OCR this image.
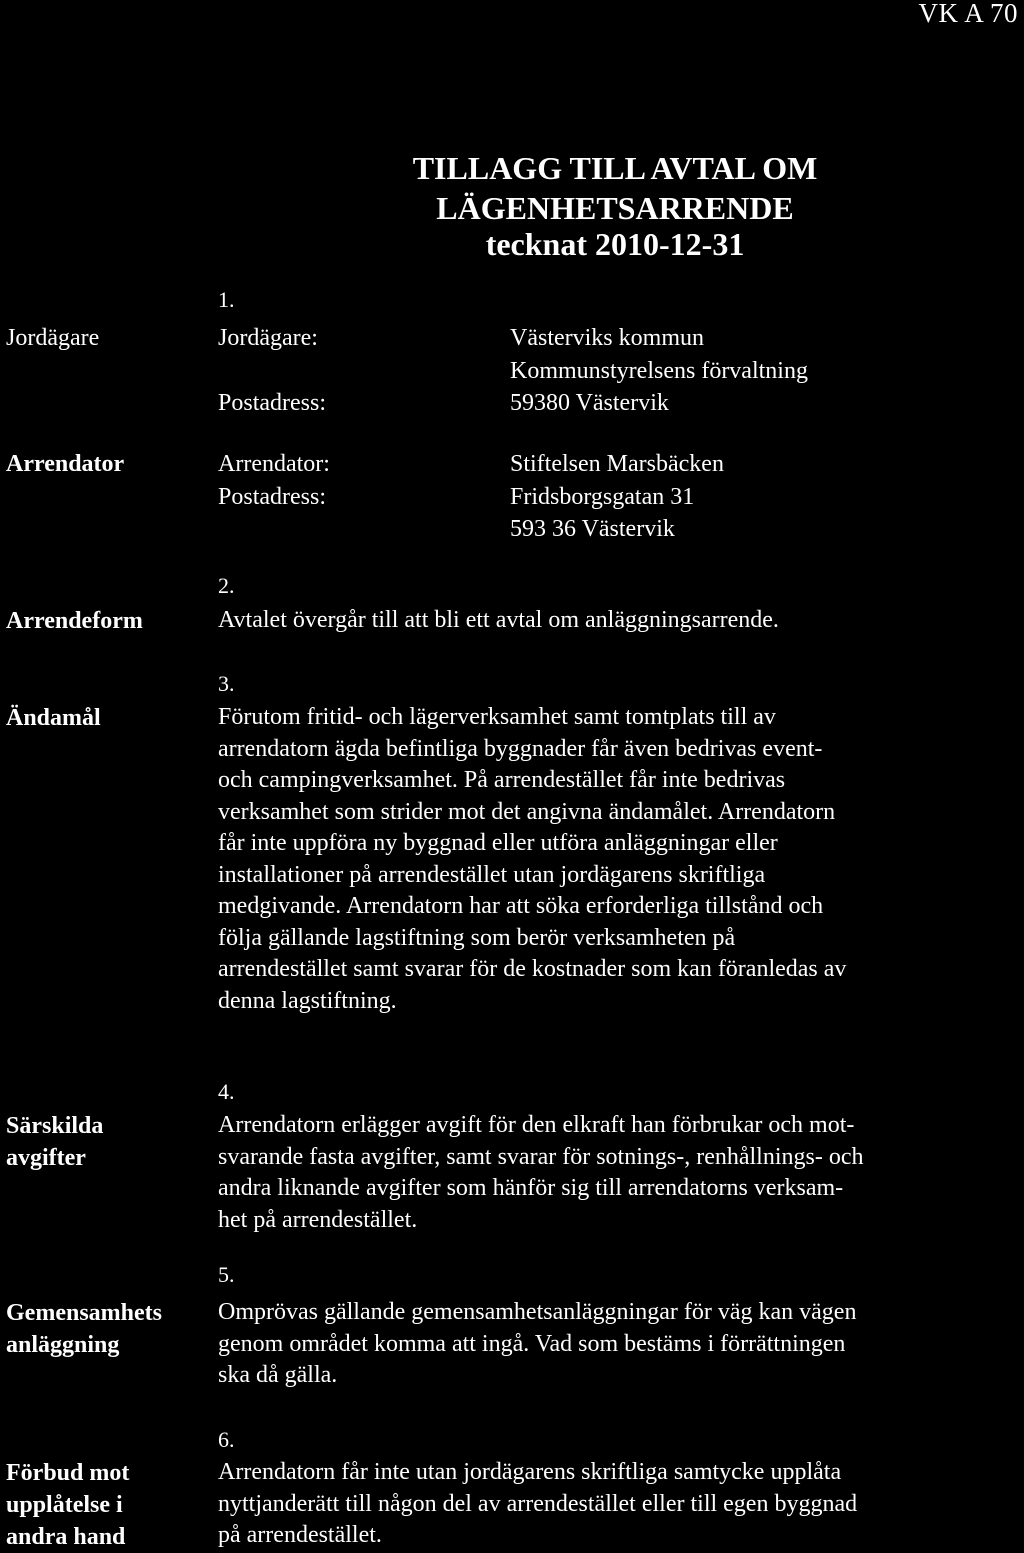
VK A 70
TILLAGG TILL AVTAL OM
LÄGENHETSARRENDE
tecknat 2010-12-31
1.
Jordägare	Jordägare:	Västerviks kommun
Kommunstyrelsens förvaltning
Postadress:	59380 Västervik
Arrendator	Arrendator:	Stiftelsen Marsbäcken
Postadress:	Fridsborgsgatan 31
593 36 Västervik
2.
Arrendeform	Avtalet övergår till att bli ett avtal om anläggningsarrende.
3.
Ändamål	Förutom fritid- och lägerverksamhet samt tomtplats till av
arrendatorn ägda befintliga byggnader får även bedrivas event-
och campingverksamhet. På arrendestället får inte bedrivas
verksamhet som strider mot det angivna ändamålet. Arrendatorn
får inte uppföra ny byggnad eller utföra anläggningar eller
installationer på arrendestället utan jordägarens skriftliga
medgivande. Arrendatorn har att söka erforderliga tillstånd och
följa gällande lagstiftning som berör verksamheten på
arrendestället samt svarar för de kostnader som kan föranledas av
denna lagstiftning.
4.
Särskilda
avgifter
Arrendatorn erlägger avgift för den elkraft han förbrukar och mot-
svarande fasta avgifter, samt svarar för sotnings-, renhållnings- och
andra liknande avgifter som hänför sig till arrendatorns verksam-
het på arrendestället.
5.
Gemensamhets
anläggning
Omprövas gällande gemensamhetsanläggningar för väg kan vägen
genom området komma att ingå. Vad som bestäms i förrättningen
ska då gälla.
6.
Förbud mot
upplåtelse i
andra hand
Arrendatorn får inte utan jordägarens skriftliga samtycke upplåta
nyttjanderätt till någon del av arrendestället eller till egen byggnad
på arrendestället.
